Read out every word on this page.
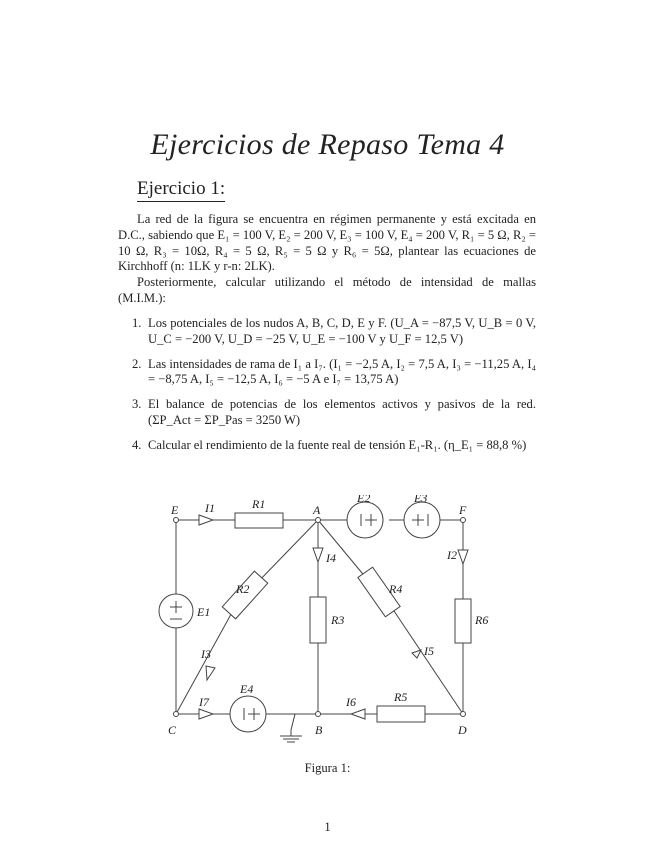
Ejercicios de Repaso Tema 4
Ejercicio 1:

La red de la figura se encuentra en régimen permanente y está excitada en D.C., sabiendo que E₁ = 100 V, E₂ = 200 V, E₃ = 100 V, E₄ = 200 V, R₁ = 5 Ω, R₂ = 10 Ω, R₃ = 10Ω, R₄ = 5 Ω, R₅ = 5 Ω y R₆ = 5Ω, plantear las ecuaciones de Kirchhoff (n: 1LK y r-n: 2LK).

Posteriormente, calcular utilizando el método de intensidad de mallas (M.I.M.):

1. Los potenciales de los nudos A, B, C, D, E y F. (U_A = −87,5 V, U_B = 0 V, U_C = −200 V, U_D = −25 V, U_E = −100 V y U_F = 12,5 V)
2. Las intensidades de rama de I₁ a I₇. (I₁ = −2,5 A, I₂ = 7,5 A, I₃ = −11,25 A, I₄ = −8,75 A, I₅ = −12,5 A, I₆ = −5 A e I₇ = 13,75 A)
3. El balance de potencias de los elementos activos y pasivos de la red. (ΣP_Act = ΣP_Pas = 3250 W)
4. Calcular el rendimiento de la fuente real de tensión E₁-R₁. (η_E₁ = 88,8 %)
E	A	F
C	B	D
R1
R2
R3
R4
R5
R6
E1
E2	E3
E4
I1
I2
I3
I4
I5
I6
I7
Figura 1:
1
